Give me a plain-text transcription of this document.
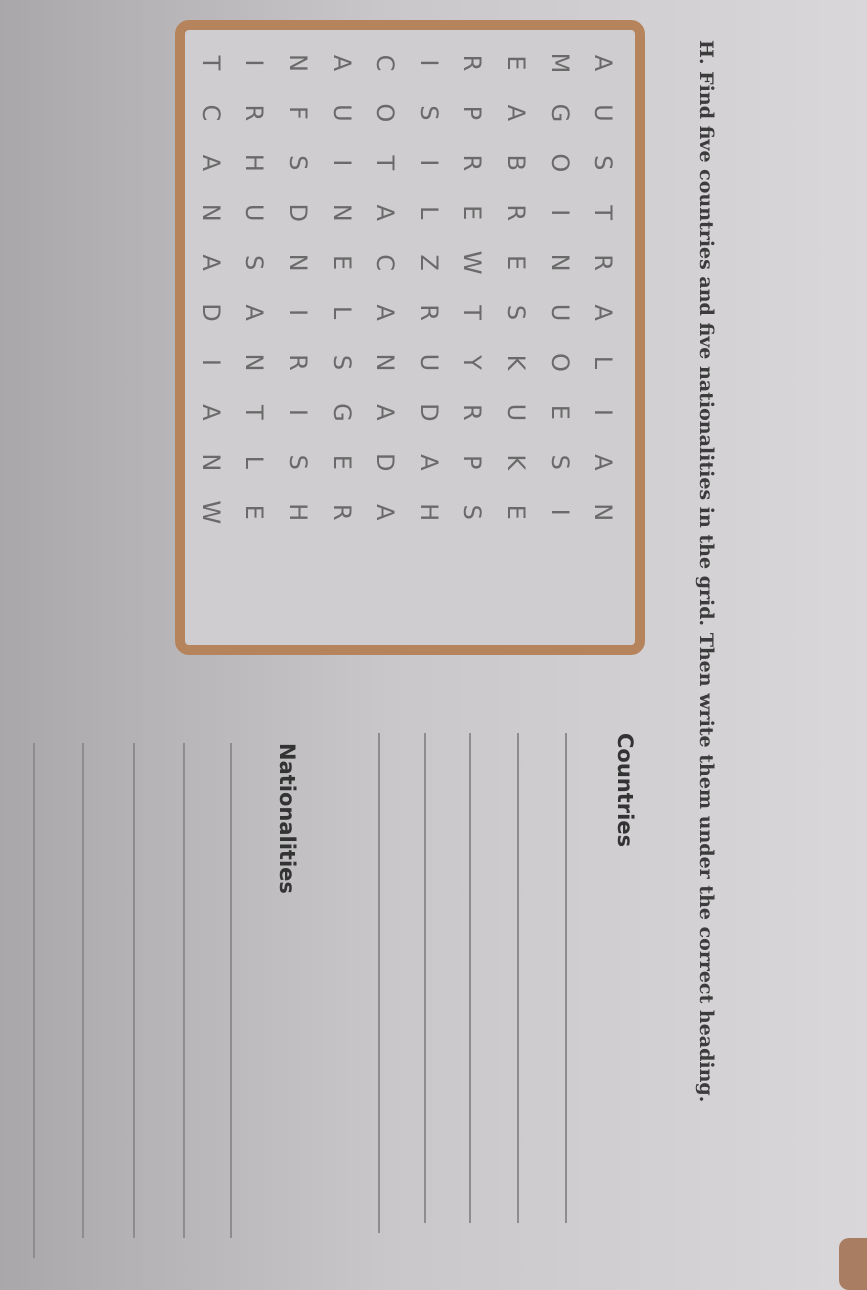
H. Find five countries and five nationalities in the grid. Then write them under the correct heading.

A
U
S
T
R
A
L
I
A
N
M
G
O
I
N
U
O
E
S
I
E
A
B
R
E
S
K
U
K
E
R
P
R
E
W
T
Y
R
P
S
I
S
I
L
Z
R
U
D
A
H
C
O
T
A
C
A
N
A
D
A
A
U
I
N
E
L
S
G
E
R
N
F
S
D
N
I
R
I
S
H
I
R
H
U
S
A
N
T
L
E
T
C
A
N
A
D
I
A
N
W

Countries

Nationalities
